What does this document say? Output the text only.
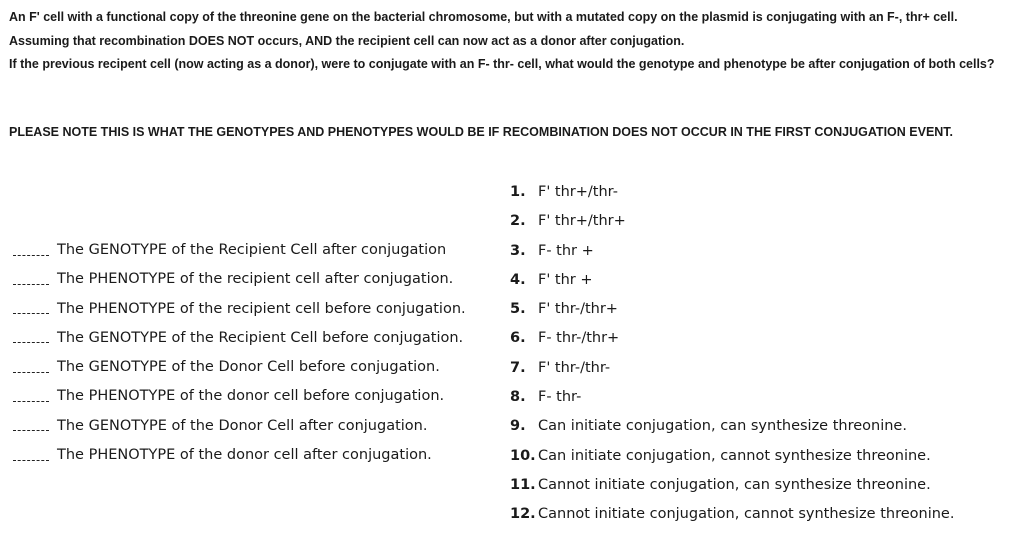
An F' cell with a functional copy of the threonine gene on the bacterial chromosome, but with a mutated copy on the plasmid is conjugating with an F-, thr+ cell. Assuming that recombination DOES NOT occurs, AND the recipient cell can now act as a donor after conjugation.

If the previous recipent cell (now acting as a donor), were to conjugate with an F- thr- cell, what would the genotype and phenotype be after conjugation of both cells?

PLEASE NOTE THIS IS WHAT THE GENOTYPES AND PHENOTYPES WOULD BE IF RECOMBINATION DOES NOT OCCUR IN THE FIRST CONJUGATION EVENT.

The GENOTYPE of the Recipient Cell after conjugation
The PHENOTYPE of the recipient cell after conjugation.
The PHENOTYPE of the recipient cell before conjugation.
The GENOTYPE of the Recipient Cell before conjugation.
The GENOTYPE of the Donor Cell before conjugation.
The PHENOTYPE of the donor cell before conjugation.
The GENOTYPE of the Donor Cell after conjugation.
The PHENOTYPE of the donor cell after conjugation.
1. F' thr+/thr-
2. F' thr+/thr+
3. F- thr +
4. F' thr +
5. F' thr-/thr+
6. F- thr-/thr+
7. F' thr-/thr-
8. F- thr-
9. Can initiate conjugation, can synthesize threonine.
10. Can initiate conjugation, cannot synthesize threonine.
11. Cannot initiate conjugation, can synthesize threonine.
12. Cannot initiate conjugation, cannot synthesize threonine.
